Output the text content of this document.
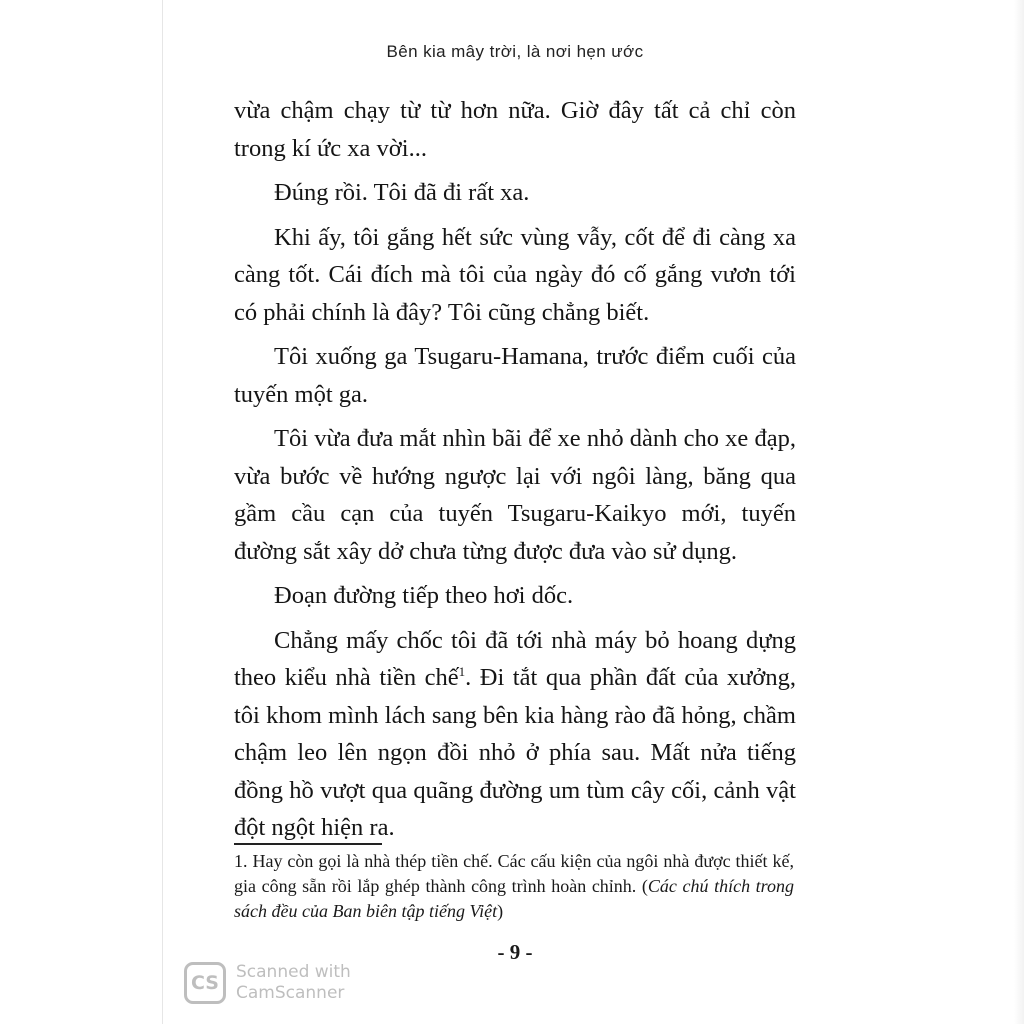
Bên kia mây trời, là nơi hẹn ước

vừa chậm chạy từ từ hơn nữa. Giờ đây tất cả chỉ còn trong kí ức xa vời...

Đúng rồi. Tôi đã đi rất xa.

Khi ấy, tôi gắng hết sức vùng vẫy, cốt để đi càng xa càng tốt. Cái đích mà tôi của ngày đó cố gắng vươn tới có phải chính là đây? Tôi cũng chẳng biết.

Tôi xuống ga Tsugaru-Hamana, trước điểm cuối của tuyến một ga.

Tôi vừa đưa mắt nhìn bãi để xe nhỏ dành cho xe đạp, vừa bước về hướng ngược lại với ngôi làng, băng qua gầm cầu cạn của tuyến Tsugaru-Kaikyo mới, tuyến đường sắt xây dở chưa từng được đưa vào sử dụng.

Đoạn đường tiếp theo hơi dốc.

Chẳng mấy chốc tôi đã tới nhà máy bỏ hoang dựng theo kiểu nhà tiền chế$^1$. Đi tắt qua phần đất của xưởng, tôi khom mình lách sang bên kia hàng rào đã hỏng, chầm chậm leo lên ngọn đồi nhỏ ở phía sau. Mất nửa tiếng đồng hồ vượt qua quãng đường um tùm cây cối, cảnh vật đột ngột hiện ra.

1. Hay còn gọi là nhà thép tiền chế. Các cấu kiện của ngôi nhà được thiết kế, gia công sẵn rồi lắp ghép thành công trình hoàn chỉnh. (Các chú thích trong sách đều của Ban biên tập tiếng Việt)
- 9 -
CS	Scanned with
CamScanner
